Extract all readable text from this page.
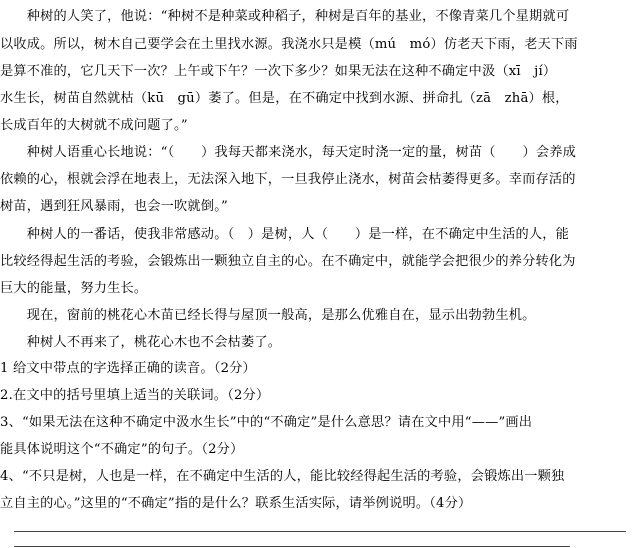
　　种树的人笑了，他说：“种树不是种菜或种稻子，种树是百年的基业，不像青菜几个星期就可
以收成。所以，树木自己要学会在土里找水源。我浇水只是模（mú　mó）仿老天下雨，老天下雨
是算不准的，它几天下一次？上午或下午？一次下多少？如果无法在这种不确定中汲（xī　jí）
水生长，树苗自然就枯（kū　gū）萎了。但是，在不确定中找到水源、拼命扎（zā　zhā）根，
长成百年的大树就不成问题了。”
　　种树人语重心长地说：“（　　）我每天都来浇水，每天定时浇一定的量，树苗（　　）会养成
依赖的心，根就会浮在地表上，无法深入地下，一旦我停止浇水，树苗会枯萎得更多。幸而存活的
树苗，遇到狂风暴雨，也会一吹就倒。”
　　种树人的一番话，使我非常感动。（　）是树，人（　　）是一样，在不确定中生活的人，能
比较经得起生活的考验，会锻炼出一颗独立自主的心。在不确定中，就能学会把很少的养分转化为
巨大的能量，努力生长。
　　现在，窗前的桃花心木苗已经长得与屋顶一般高，是那么优雅自在，显示出勃勃生机。
　　种树人不再来了，桃花心木也不会枯萎了。
1 给文中带点的字选择正确的读音。（2分）
2.在文中的括号里填上适当的关联词。（2分）
3、“如果无法在这种不确定中汲水生长”中的“不确定”是什么意思？请在文中用“——”画出
能具体说明这个“不确定”的句子。（2分）
4、“不只是树，人也是一样，在不确定中生活的人，能比较经得起生活的考验，会锻炼出一颗独
立自主的心。”这里的“不确定”指的是什么？联系生活实际，请举例说明。（4分）
